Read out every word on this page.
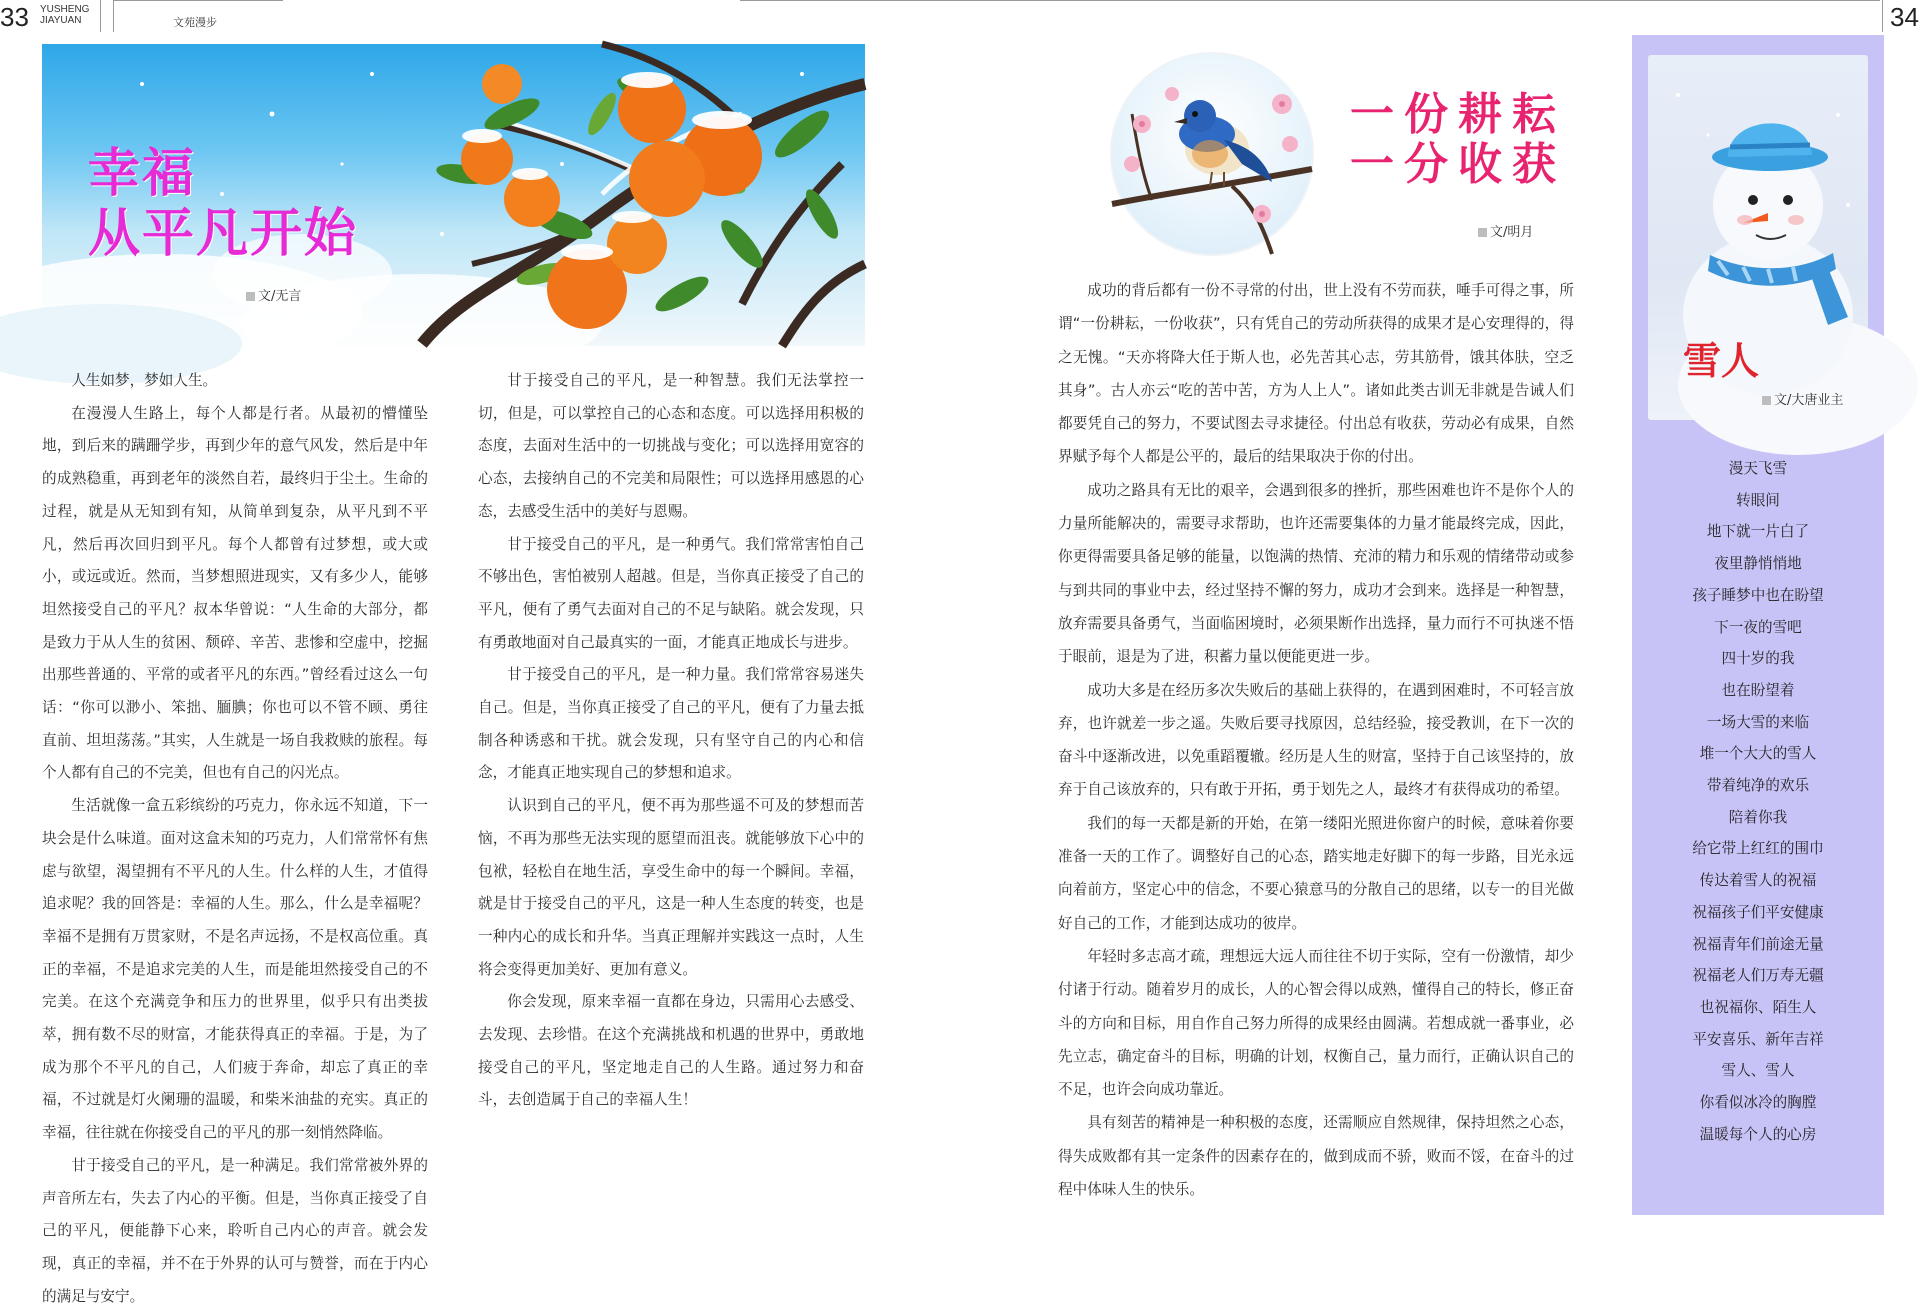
33 YUSHENG
JIAYUAN	文苑漫步	34
幸福
从平凡开始
文/无言

人生如梦，梦如人生。

在漫漫人生路上，每个人都是行者。从最初的懵懂坠地，到后来的蹒跚学步，再到少年的意气风发，然后是中年的成熟稳重，再到老年的淡然自若，最终归于尘土。生命的过程，就是从无知到有知，从简单到复杂，从平凡到不平凡，然后再次回归到平凡。每个人都曾有过梦想，或大或小，或远或近。然而，当梦想照进现实，又有多少人，能够坦然接受自己的平凡？叔本华曾说：“人生命的大部分，都是致力于从人生的贫困、颓碎、辛苦、悲惨和空虚中，挖掘出那些普通的、平常的或者平凡的东西。”曾经看过这么一句话：“你可以渺小、笨拙、腼腆；你也可以不管不顾、勇往直前、坦坦荡荡。”其实，人生就是一场自我救赎的旅程。每个人都有自己的不完美，但也有自己的闪光点。

生活就像一盒五彩缤纷的巧克力，你永远不知道，下一块会是什么味道。面对这盒未知的巧克力，人们常常怀有焦虑与欲望，渴望拥有不平凡的人生。什么样的人生，才值得追求呢？我的回答是：幸福的人生。那么，什么是幸福呢？幸福不是拥有万贯家财，不是名声远扬，不是权高位重。真正的幸福，不是追求完美的人生，而是能坦然接受自己的不完美。在这个充满竞争和压力的世界里，似乎只有出类拔萃，拥有数不尽的财富，才能获得真正的幸福。于是，为了成为那个不平凡的自己，人们疲于奔命，却忘了真正的幸福，不过就是灯火阑珊的温暖，和柴米油盐的充实。真正的幸福，往往就在你接受自己的平凡的那一刻悄然降临。

甘于接受自己的平凡，是一种满足。我们常常被外界的声音所左右，失去了内心的平衡。但是，当你真正接受了自己的平凡，便能静下心来，聆听自己内心的声音。就会发现，真正的幸福，并不在于外界的认可与赞誉，而在于内心的满足与安宁。

甘于接受自己的平凡，是一种智慧。我们无法掌控一切，但是，可以掌控自己的心态和态度。可以选择用积极的态度，去面对生活中的一切挑战与变化；可以选择用宽容的心态，去接纳自己的不完美和局限性；可以选择用感恩的心态，去感受生活中的美好与恩赐。

甘于接受自己的平凡，是一种勇气。我们常常害怕自己不够出色，害怕被别人超越。但是，当你真正接受了自己的平凡，便有了勇气去面对自己的不足与缺陷。就会发现，只有勇敢地面对自己最真实的一面，才能真正地成长与进步。

甘于接受自己的平凡，是一种力量。我们常常容易迷失自己。但是，当你真正接受了自己的平凡，便有了力量去抵制各种诱惑和干扰。就会发现，只有坚守自己的内心和信念，才能真正地实现自己的梦想和追求。

认识到自己的平凡，便不再为那些遥不可及的梦想而苦恼，不再为那些无法实现的愿望而沮丧。就能够放下心中的包袱，轻松自在地生活，享受生命中的每一个瞬间。幸福，就是甘于接受自己的平凡，这是一种人生态度的转变，也是一种内心的成长和升华。当真正理解并实践这一点时，人生将会变得更加美好、更加有意义。

你会发现，原来幸福一直都在身边，只需用心去感受、去发现、去珍惜。在这个充满挑战和机遇的世界中，勇敢地接受自己的平凡，坚定地走自己的人生路。通过努力和奋斗，去创造属于自己的幸福人生！

一份耕耘
一分收获
文/明月

成功的背后都有一份不寻常的付出，世上没有不劳而获，唾手可得之事，所谓“一份耕耘，一份收获”，只有凭自己的劳动所获得的成果才是心安理得的，得之无愧。“天亦将降大任于斯人也，必先苦其心志，劳其筋骨，饿其体肤，空乏其身”。古人亦云“吃的苦中苦，方为人上人”。诸如此类古训无非就是告诫人们都要凭自己的努力，不要试图去寻求捷径。付出总有收获，劳动必有成果，自然界赋予每个人都是公平的，最后的结果取决于你的付出。

成功之路具有无比的艰辛，会遇到很多的挫折，那些困难也许不是你个人的力量所能解决的，需要寻求帮助，也许还需要集体的力量才能最终完成，因此，你更得需要具备足够的能量，以饱满的热情、充沛的精力和乐观的情绪带动或参与到共同的事业中去，经过坚持不懈的努力，成功才会到来。选择是一种智慧，放弃需要具备勇气，当面临困境时，必须果断作出选择，量力而行不可执迷不悟于眼前，退是为了进，积蓄力量以便能更进一步。

成功大多是在经历多次失败后的基础上获得的，在遇到困难时，不可轻言放弃，也许就差一步之遥。失败后要寻找原因，总结经验，接受教训，在下一次的奋斗中逐渐改进，以免重蹈覆辙。经历是人生的财富，坚持于自己该坚持的，放弃于自己该放弃的，只有敢于开拓，勇于划先之人，最终才有获得成功的希望。

我们的每一天都是新的开始，在第一缕阳光照进你窗户的时候，意味着你要准备一天的工作了。调整好自己的心态，踏实地走好脚下的每一步路，目光永远向着前方，坚定心中的信念，不要心猿意马的分散自己的思绪，以专一的目光做好自己的工作，才能到达成功的彼岸。

年轻时多志高才疏，理想远大远人而往往不切于实际，空有一份激情，却少付诸于行动。随着岁月的成长，人的心智会得以成熟，懂得自己的特长，修正奋斗的方向和目标，用自作自己努力所得的成果经由圆满。若想成就一番事业，必先立志，确定奋斗的目标，明确的计划，权衡自己，量力而行，正确认识自己的不足，也许会向成功靠近。

具有刻苦的精神是一种积极的态度，还需顺应自然规律，保持坦然之心态，得失成败都有其一定条件的因素存在的，做到成而不骄，败而不馁，在奋斗的过程中体味人生的快乐。

雪人
文/大唐业主
漫天飞雪
转眼间
地下就一片白了
夜里静悄悄地
孩子睡梦中也在盼望
下一夜的雪吧
四十岁的我
也在盼望着
一场大雪的来临
堆一个大大的雪人
带着纯净的欢乐
陪着你我
给它带上红红的围巾
传达着雪人的祝福
祝福孩子们平安健康
祝福青年们前途无量
祝福老人们万寿无疆
也祝福你、陌生人
平安喜乐、新年吉祥
雪人、雪人
你看似冰冷的胸膛
温暖每个人的心房
